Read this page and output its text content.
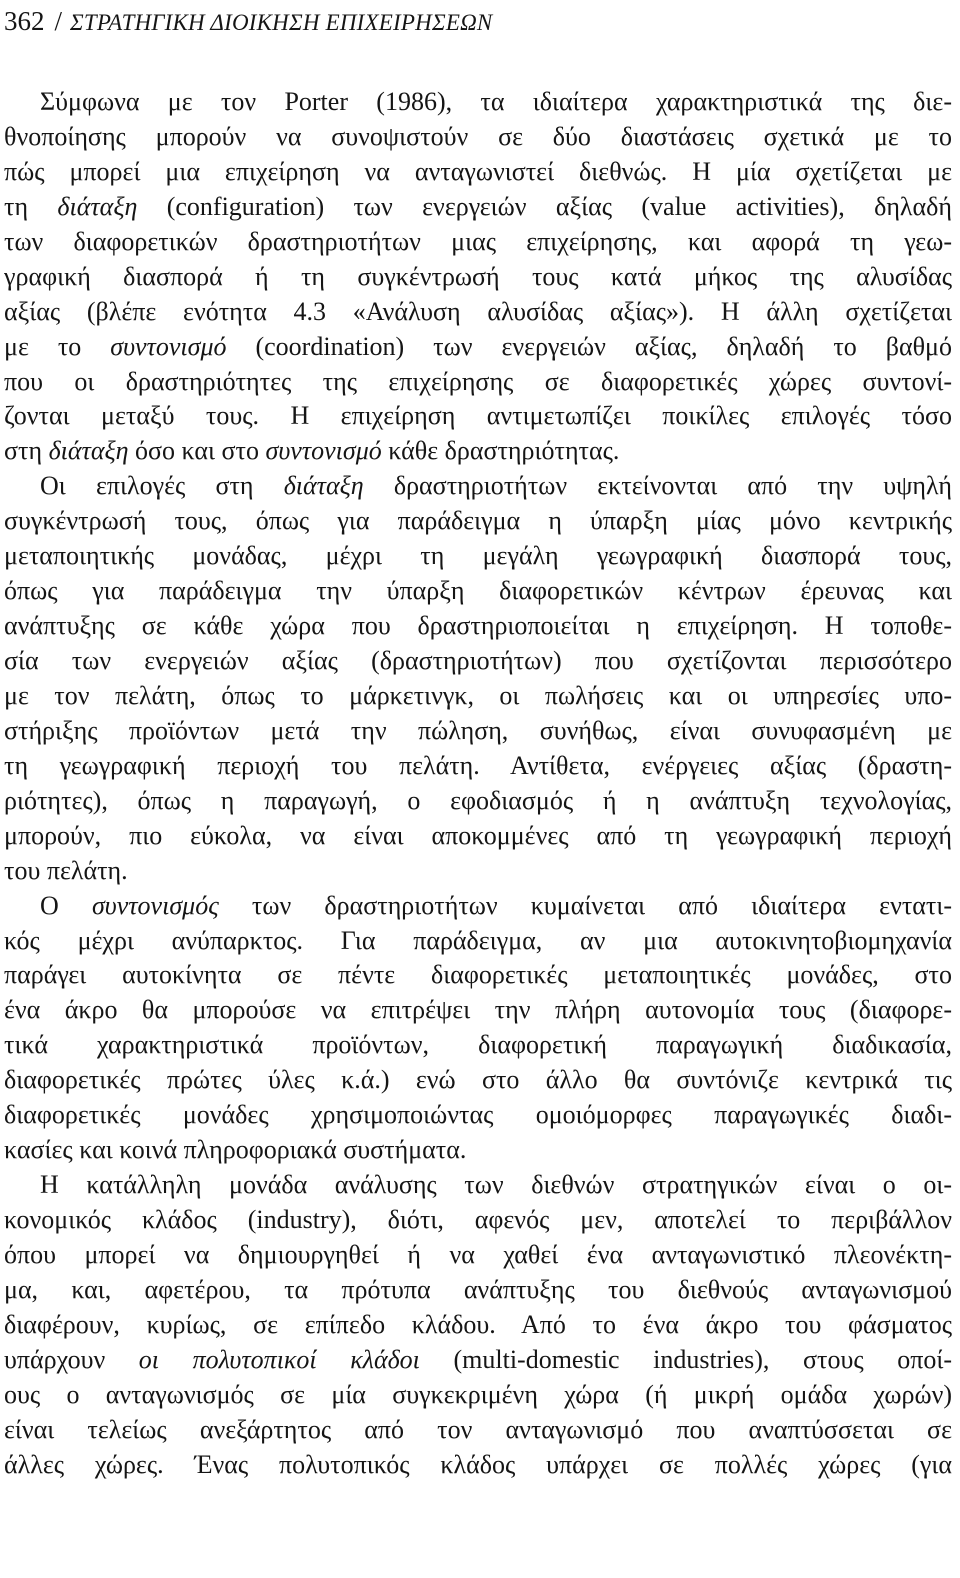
362 / ΣΤΡΑΤΗΓΙΚΗ ΔΙΟΙΚΗΣΗ ΕΠΙΧΕΙΡΗΣΕΩΝ
Σύμφωνα με τον Porter (1986), τα ιδιαίτερα χαρακτηριστικά της διε-
θνοποίησης μπορούν να συνοψιστούν σε δύο διαστάσεις σχετικά με το
πώς μπορεί μια επιχείρηση να ανταγωνιστεί διεθνώς. Η μία σχετίζεται με
τη διάταξη (configuration) των ενεργειών αξίας (value activities), δηλαδή
των διαφορετικών δραστηριοτήτων μιας επιχείρησης, και αφορά τη γεω-
γραφική διασπορά ή τη συγκέντρωσή τους κατά μήκος της αλυσίδας
αξίας (βλέπε ενότητα 4.3 «Ανάλυση αλυσίδας αξίας»). Η άλλη σχετίζεται
με το συντονισμό (coordination) των ενεργειών αξίας, δηλαδή το βαθμό
που οι δραστηριότητες της επιχείρησης σε διαφορετικές χώρες συντονί-
ζονται μεταξύ τους. Η επιχείρηση αντιμετωπίζει ποικίλες επιλογές τόσο
στη διάταξη όσο και στο συντονισμό κάθε δραστηριότητας.
Οι επιλογές στη διάταξη δραστηριοτήτων εκτείνονται από την υψηλή
συγκέντρωσή τους, όπως για παράδειγμα η ύπαρξη μίας μόνο κεντρικής
μεταποιητικής μονάδας, μέχρι τη μεγάλη γεωγραφική διασπορά τους,
όπως για παράδειγμα την ύπαρξη διαφορετικών κέντρων έρευνας και
ανάπτυξης σε κάθε χώρα που δραστηριοποιείται η επιχείρηση. Η τοποθε-
σία των ενεργειών αξίας (δραστηριοτήτων) που σχετίζονται περισσότερο
με τον πελάτη, όπως το μάρκετινγκ, οι πωλήσεις και οι υπηρεσίες υπο-
στήριξης προϊόντων μετά την πώληση, συνήθως, είναι συνυφασμένη με
τη γεωγραφική περιοχή του πελάτη. Αντίθετα, ενέργειες αξίας (δραστη-
ριότητες), όπως η παραγωγή, ο εφοδιασμός ή η ανάπτυξη τεχνολογίας,
μπορούν, πιο εύκολα, να είναι αποκομμένες από τη γεωγραφική περιοχή
του πελάτη.
Ο συντονισμός των δραστηριοτήτων κυμαίνεται από ιδιαίτερα εντατι-
κός μέχρι ανύπαρκτος. Για παράδειγμα, αν μια αυτοκινητοβιομηχανία
παράγει αυτοκίνητα σε πέντε διαφορετικές μεταποιητικές μονάδες, στο
ένα άκρο θα μπορούσε να επιτρέψει την πλήρη αυτονομία τους (διαφορε-
τικά χαρακτηριστικά προϊόντων, διαφορετική παραγωγική διαδικασία,
διαφορετικές πρώτες ύλες κ.ά.) ενώ στο άλλο θα συντόνιζε κεντρικά τις
διαφορετικές μονάδες χρησιμοποιώντας ομοιόμορφες παραγωγικές διαδι-
κασίες και κοινά πληροφοριακά συστήματα.
Η κατάλληλη μονάδα ανάλυσης των διεθνών στρατηγικών είναι ο οι-
κονομικός κλάδος (industry), διότι, αφενός μεν, αποτελεί το περιβάλλον
όπου μπορεί να δημιουργηθεί ή να χαθεί ένα ανταγωνιστικό πλεονέκτη-
μα, και, αφετέρου, τα πρότυπα ανάπτυξης του διεθνούς ανταγωνισμού
διαφέρουν, κυρίως, σε επίπεδο κλάδου. Από το ένα άκρο του φάσματος
υπάρχουν οι πολυτοπικοί κλάδοι (multi-domestic industries), στους οποί-
ους ο ανταγωνισμός σε μία συγκεκριμένη χώρα (ή μικρή ομάδα χωρών)
είναι τελείως ανεξάρτητος από τον ανταγωνισμό που αναπτύσσεται σε
άλλες χώρες. Ένας πολυτοπικός κλάδος υπάρχει σε πολλές χώρες (για
